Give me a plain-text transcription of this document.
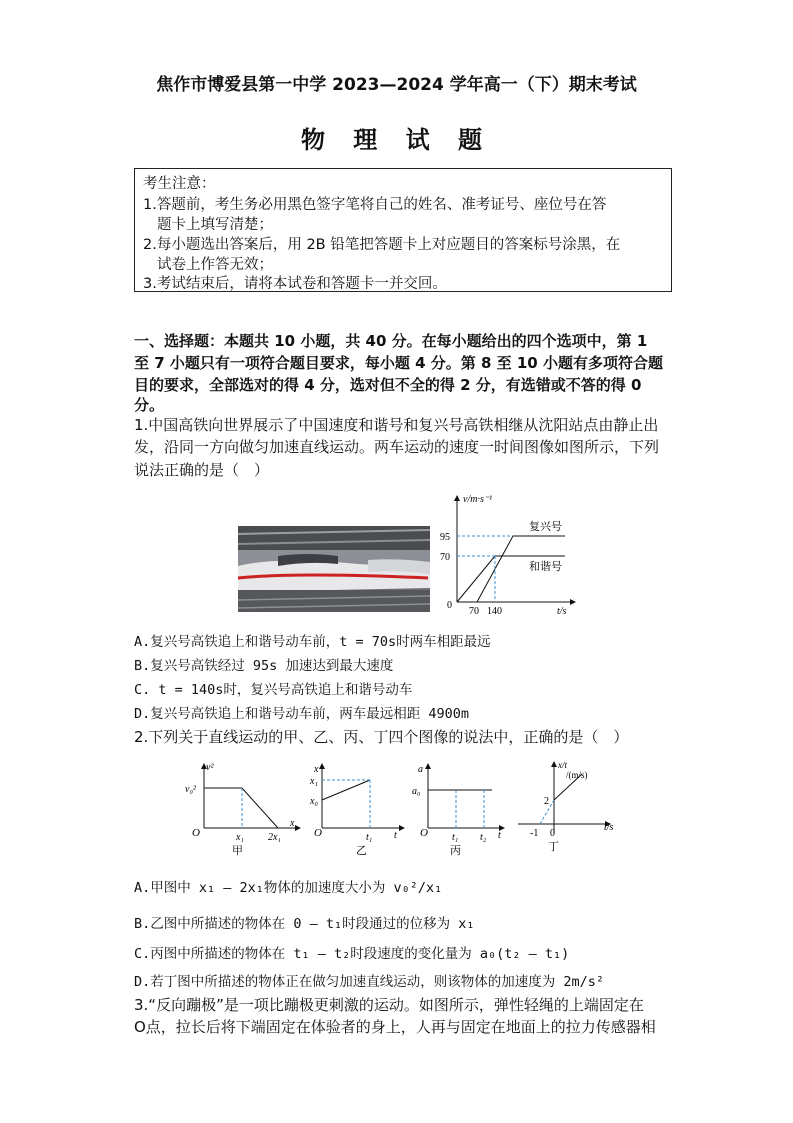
焦作市博爱县第一中学 2023—2024 学年高一（下）期末考试
物 理 试 题
考生注意：
1.答题前，考生务必用黑色签字笔将自己的姓名、准考证号、座位号在答
题卡上填写清楚；
2.每小题选出答案后，用 2B 铅笔把答题卡上对应题目的答案标号涂黑，在
试卷上作答无效；
3.考试结束后，请将本试卷和答题卡一并交回。
一、选择题：本题共 10 小题，共 40 分。在每小题给出的四个选项中，第 1
至 7 小题只有一项符合题目要求，每小题 4 分。第 8 至 10 小题有多项符合题
目的要求，全部选对的得 4 分，选对但不全的得 2 分，有选错或不答的得 0
分。
1.中国高铁向世界展示了中国速度和谐号和复兴号高铁相继从沈阳站点由静止出
发，沿同一方向做匀加速直线运动。两车运动的速度一时间图像如图所示，下列
说法正确的是（　）
v/m·s⁻¹
t/s
0
95
70
70 140
复兴号
和谐号
A.复兴号高铁追上和谐号动车前，t = 70s时两车相距最远
B.复兴号高铁经过 95s 加速达到最大速度
C. t = 140s时，复兴号高铁追上和谐号动车
D.复兴号高铁追上和谐号动车前，两车最远相距 4900m
2.下列关于直线运动的甲、乙、丙、丁四个图像的说法中，正确的是（　）
v²
v₀²
x
O	x₁ 2x₁
甲
x
x₁
x₀
t
O	t₁
乙
a
a₀
t
O t₁ t₂
丙
x/t
/(m/s)
2
-1 0
t/s
丁
A.甲图中 x₁ – 2x₁物体的加速度大小为 v₀²/x₁
B.乙图中所描述的物体在 0 – t₁时段通过的位移为 x₁
C.丙图中所描述的物体在 t₁ – t₂时段速度的变化量为 a₀(t₂ – t₁)
D.若丁图中所描述的物体正在做匀加速直线运动，则该物体的加速度为 2m/s²
3.“反向蹦极”是一项比蹦极更刺激的运动。如图所示，弹性轻绳的上端固定在
O点，拉长后将下端固定在体验者的身上，人再与固定在地面上的拉力传感器相
